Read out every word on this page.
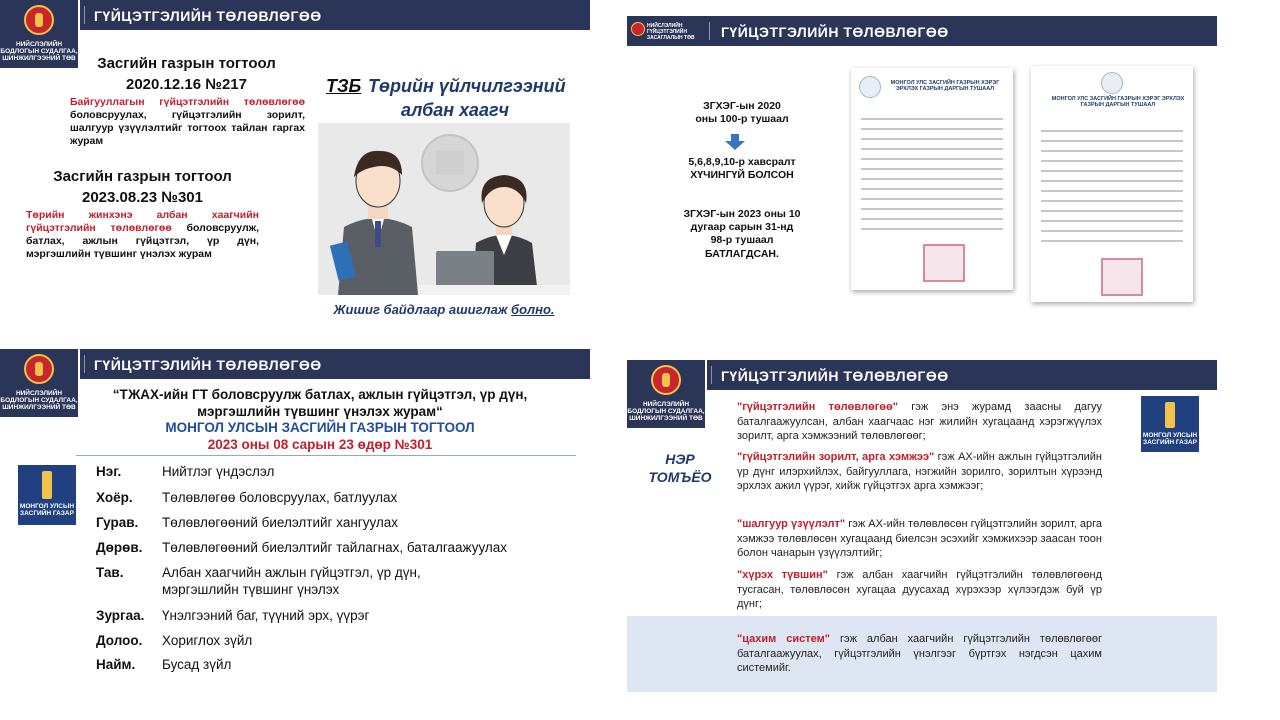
НИЙСЛЭЛИЙН
БОДЛОГЫН СУДАЛГАА,
ШИНЖИЛГЭЭНИЙ ТӨВ
ГҮЙЦЭТГЭЛИЙН ТӨЛӨВЛӨГӨӨ
Засгийн газрын тогтоол
2020.12.16 №217
Байгууллагын гүйцэтгэлийн төлөвлөгөө боловсруулах, гүйцэтгэлийн зорилт, шалгуур үзүүлэлтийг тогтоох тайлан гаргах журам
Засгийн газрын тогтоол
2023.08.23 №301
Төрийн жинхэнэ албан хаагчийн гүйцэтгэлийн төлөвлөгөө боловсруулж, батлах, ажлын гүйцэтгэл, үр дүн, мэргэшлийн түвшинг үнэлэх журам
ТЗБ Төрийн үйлчилгээний
албан хаагч
Жишиг байдлаар ашиглаж болно.
НИЙСЛЭЛИЙН
ГҮЙЦЭТГЭЛИЙН
ЗАСАГЛАЛЫН ТӨВ ГҮЙЦЭТГЭЛИЙН ТӨЛӨВЛӨГӨӨ
ЗГХЭГ-ын 2020
оны 100-р тушаал
5,6,8,9,10-р хавсралт
ХҮЧИНГҮЙ БОЛСОН
ЗГХЭГ-ын 2023 оны 10
дугаар сарын 31-нд
98-р тушаал
БАТЛАГДСАН.
МОНГОЛ УЛС ЗАСГИЙН ГАЗРЫН ХЭРЭГ ЭРХЛЭХ ГАЗРЫН ДАРГЫН ТУШААЛ
МОНГОЛ УЛС ЗАСГИЙН ГАЗРЫН ХЭРЭГ ЭРХЛЭХ ГАЗРЫН ДАРГЫН ТУШААЛ
НИЙСЛЭЛИЙН
БОДЛОГЫН СУДАЛГАА,
ШИНЖИЛГЭЭНИЙ ТӨВ
ГҮЙЦЭТГЭЛИЙН ТӨЛӨВЛӨГӨӨ
“ТЖАХ-ийн ГТ боловсруулж батлах, ажлын гүйцэтгэл, үр дүн,
мэргэшлийн түвшинг үнэлэх журам“
МОНГОЛ УЛСЫН ЗАСГИЙН ГАЗРЫН ТОГТООЛ
2023 оны 08 сарын 23 өдөр №301
МОНГОЛ УЛСЫН
ЗАСГИЙН ГАЗАР
Нэг.	Нийтлэг үндэслэл
Хоёр. Төлөвлөгөө боловсруулах, батлуулах
Гурав. Төлөвлөгөөний биелэлтийг хангуулах
Дөрөв. Төлөвлөгөөний биелэлтийг тайлагнах, баталгаажуулах
Тав.	Албан хаагчийн ажлын гүйцэтгэл, үр дүн, мэргэшлийн түвшинг үнэлэх
Зургаа. Үнэлгээний баг, түүний эрх, үүрэг
Долоо. Хориглох зүйл
Найм. Бусад зүйл
НИЙСЛЭЛИЙН
БОДЛОГЫН СУДАЛГАА,
ШИНЖИЛГЭЭНИЙ ТӨВ
ГҮЙЦЭТГЭЛИЙН ТӨЛӨВЛӨГӨӨ
НЭР
ТОМЪЁО
МОНГОЛ УЛСЫН
ЗАСГИЙН ГАЗАР
"гүйцэтгэлийн төлөвлөгөө" гэж энэ журамд заасны дагуу баталгаажуулсан, албан хаагчаас нэг жилийн хугацаанд хэрэгжүүлэх зорилт, арга хэмжээний төлөвлөгөөг;
"гүйцэтгэлийн зорилт, арга хэмжээ" гэж АХ-ийн ажлын гүйцэтгэлийн үр дүнг илэрхийлэх, байгууллага, нэгжийн зорилго, зорилтын хүрээнд эрхлэх ажил үүрэг, хийж гүйцэтгэх арга хэмжээг;
"шалгуур үзүүлэлт" гэж АХ-ийн төлөвлөсөн гүйцэтгэлийн зорилт, арга хэмжээ төлөвлөсөн хугацаанд биелсэн эсэхийг хэмжихээр заасан тоон болон чанарын үзүүлэлтийг;
"хүрэх түвшин" гэж албан хаагчийн гүйцэтгэлийн төлөвлөгөөнд тусгасан, төлөвлөсөн хугацаа дуусахад хүрэхээр хүлээгдэж буй үр дүнг;
"цахим систем" гэж албан хаагчийн гүйцэтгэлийн төлөвлөгөөг баталгаажуулах, гүйцэтгэлийн үнэлгээг бүртгэх нэгдсэн цахим системийг.
